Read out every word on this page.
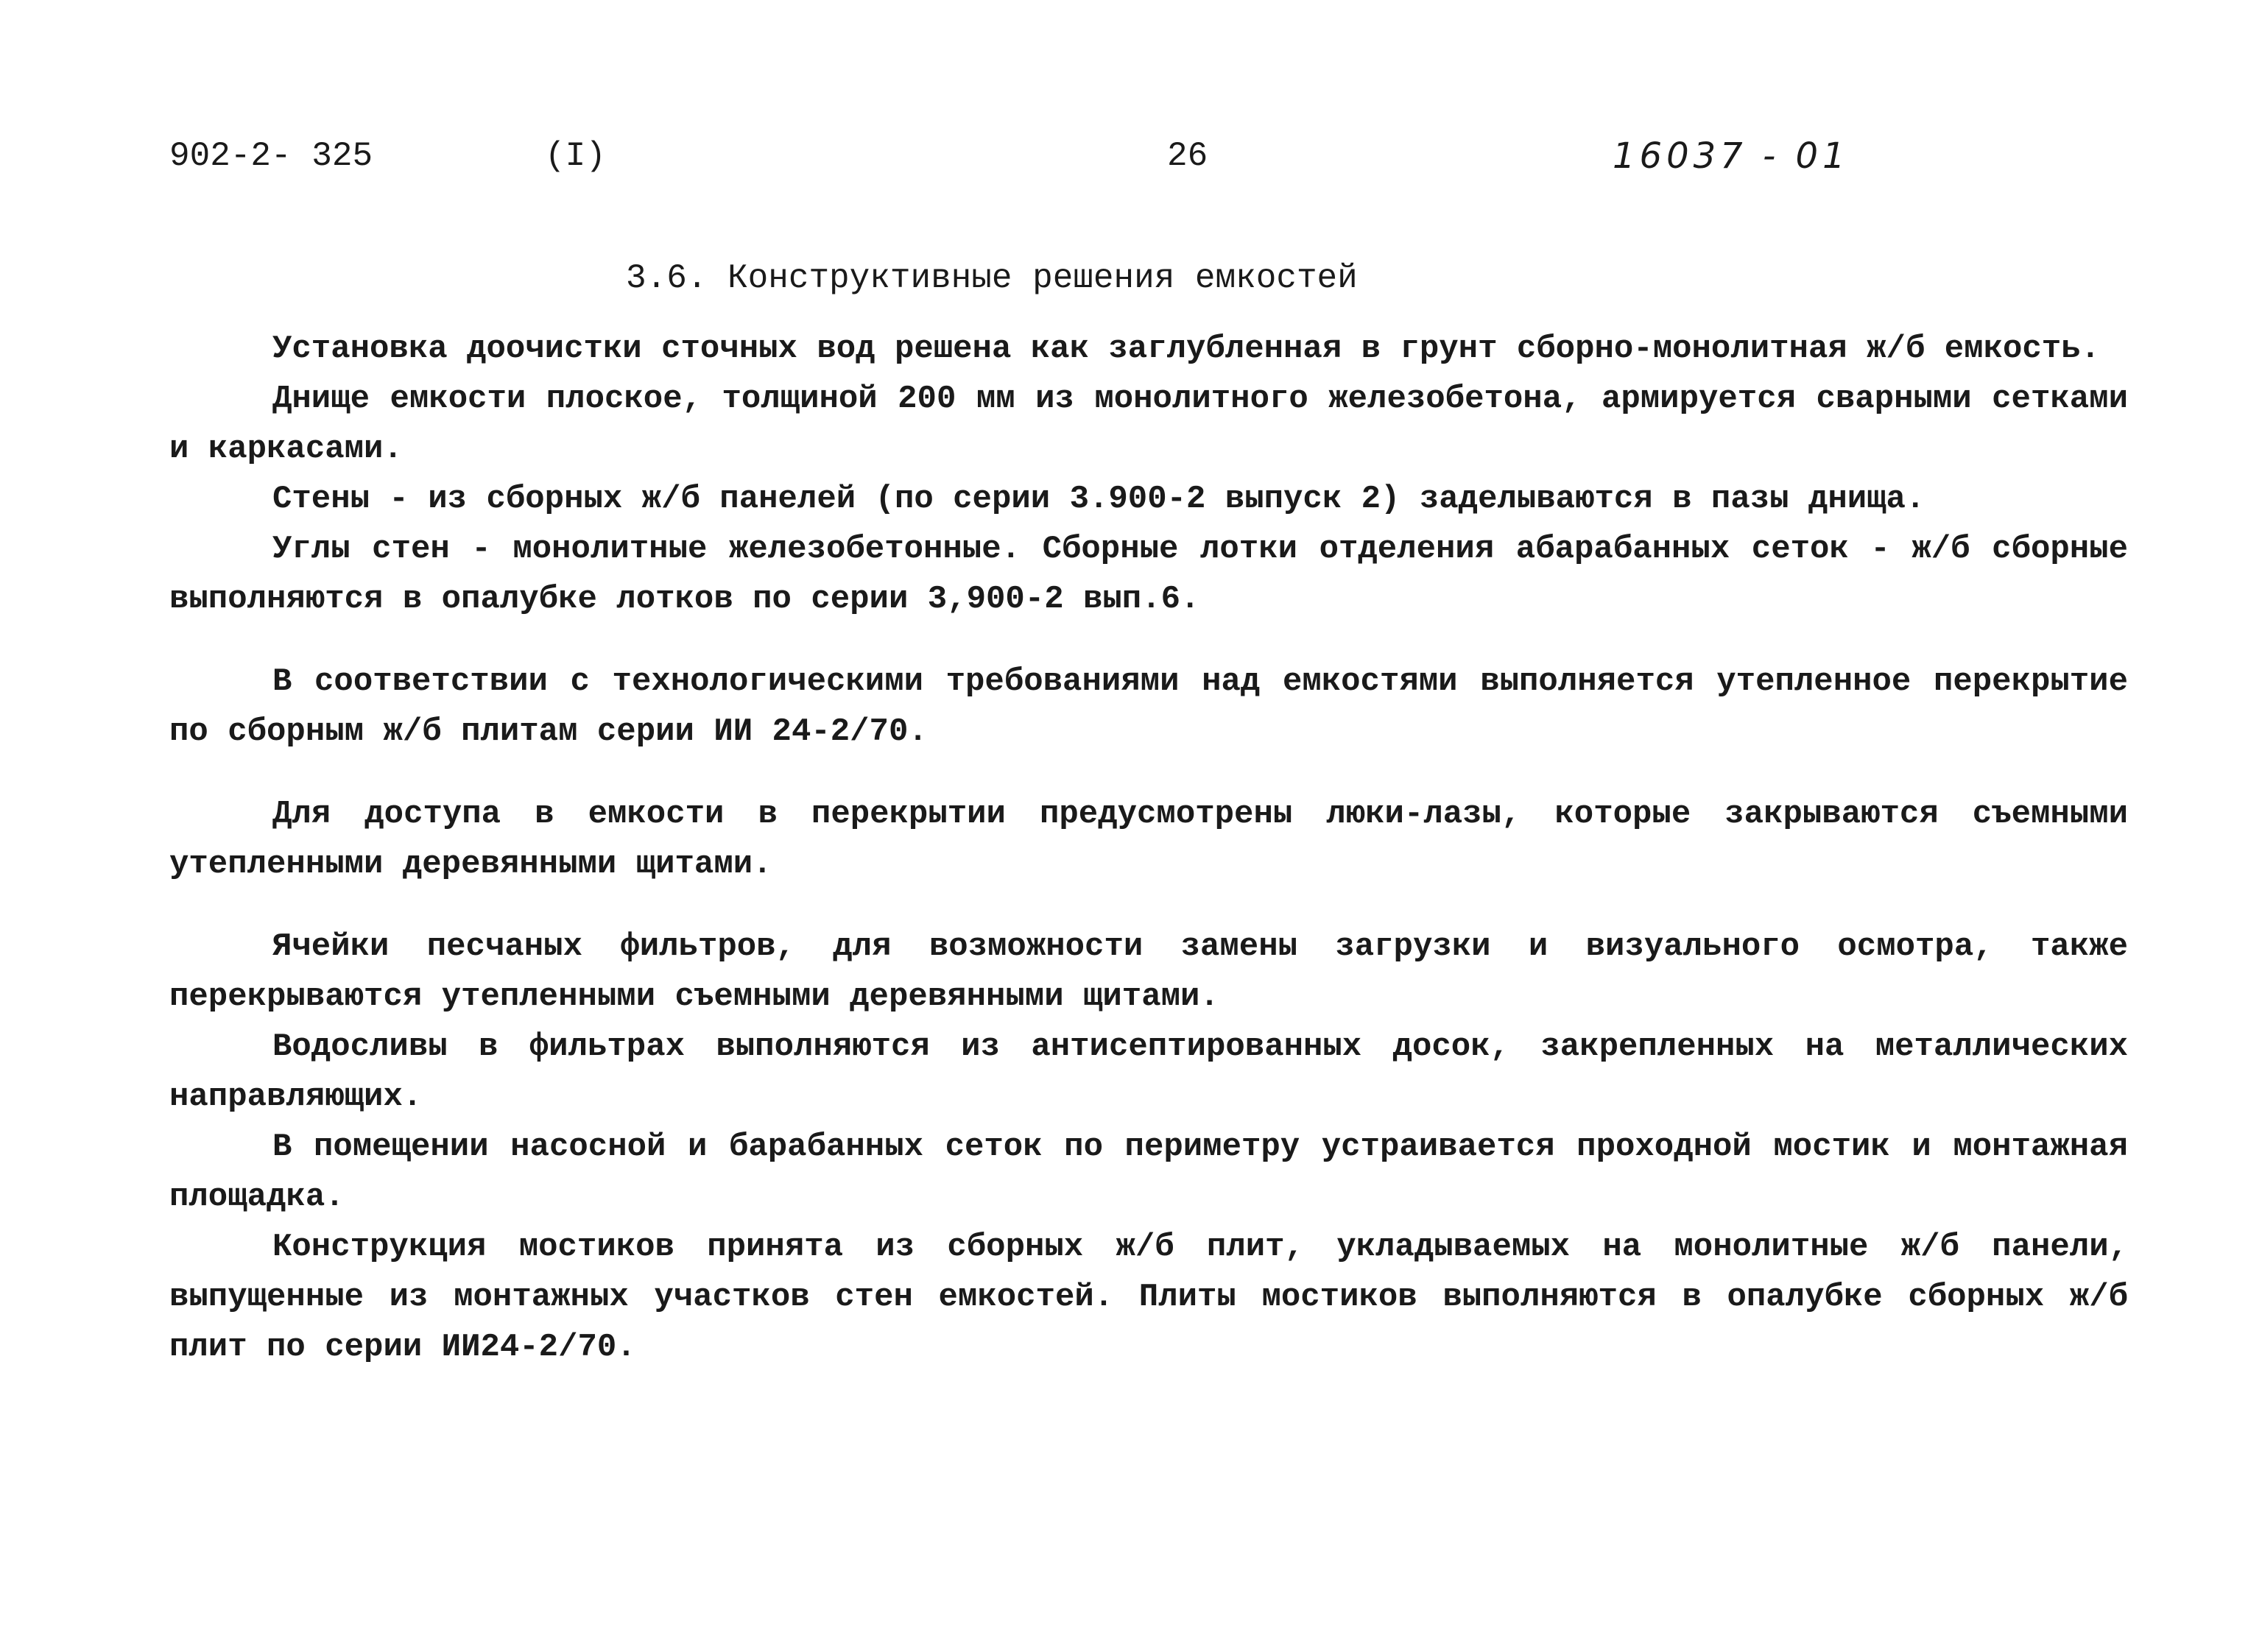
902-2- 325	(I)	26	16037 - 01
3.6. Конструктивные решения емкостей

Установка доочистки сточных вод решена как заглубленная в грунт сборно-монолитная ж/б емкость.

Днище емкости плоское, толщиной 200 мм из монолитного железобетона, армируется сварными сетками и каркасами.

Стены - из сборных ж/б панелей (по серии 3.900-2 выпуск 2) заделываются в пазы днища.

Углы стен - монолитные железобетонные. Сборные лотки отделения абарабанных сеток - ж/б сборные выполняются в опалубке лотков по серии 3,900-2 вып.6.

В соответствии с технологическими требованиями над емкостями выполняется утепленное перекрытие по сборным ж/б плитам серии ИИ 24-2/70.

Для доступа в емкости в перекрытии предусмотрены люки-лазы, которые закрываются съемными утепленными деревянными щитами.

Ячейки песчаных фильтров, для возможности замены загрузки и визуального осмотра, также перекрываются утепленными съемными деревянными щитами.

Водосливы в фильтрах выполняются из антисептированных досок, закрепленных на металлических направляющих.

В помещении насосной и барабанных сеток по периметру устраивается проходной мостик и монтажная площадка.

Конструкция мостиков принята из сборных ж/б плит, укладываемых на монолитные ж/б панели, выпущенные из монтажных участков стен емкостей. Плиты мостиков выполняются в опалубке сборных ж/б плит по серии ИИ24-2/70.
